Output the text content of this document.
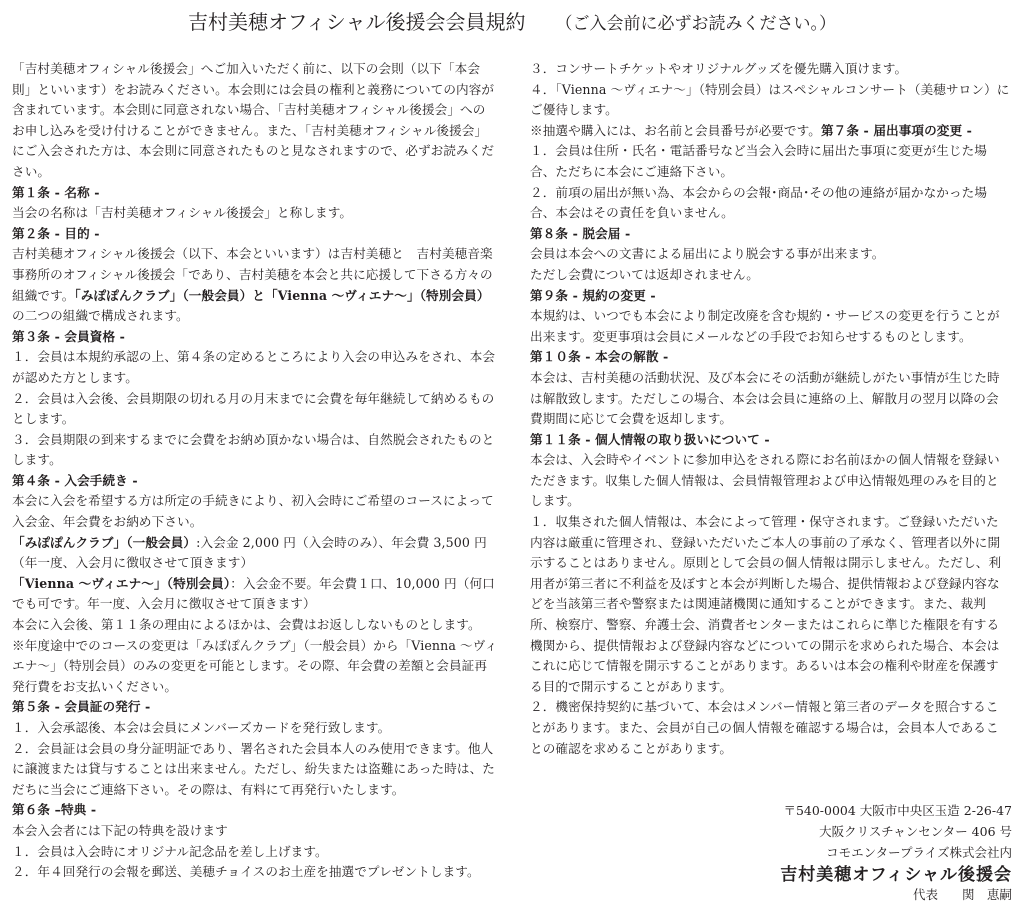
吉村美穂オフィシャル後援会会員規約 （ご入会前に必ずお読みください。）

「吉村美穂オフィシャル後援会」へご加入いただく前に、以下の会則（以下「本会則」といいます）をお読みください。本会則には会員の権利と義務についての内容が含まれています。本会則に同意されない場合、「吉村美穂オフィシャル後援会」へのお申し込みを受け付けることができません。また、「吉村美穂オフィシャル後援会」にご入会された方は、本会則に同意されたものと見なされますので、必ずお読みください。

第１条 - 名称 -

当会の名称は「吉村美穂オフィシャル後援会」と称します。

第２条 - 目的 -

吉村美穂オフィシャル後援会（以下、本会といいます）は吉村美穂と　吉村美穂音楽事務所のオフィシャル後援会「であり、吉村美穂を本会と共に応援して下さる方々の組織です。「みぽぽんクラブ」（一般会員）と「Vienna ～ヴィエナ～」（特別会員）の二つの組織で構成されます。

第３条 - 会員資格 -

１．会員は本規約承認の上、第４条の定めるところにより入会の申込みをされ、本会が認めた方とします。

２．会員は入会後、会員期限の切れる月の月末までに会費を毎年継続して納めるものとします。

３．会員期限の到来するまでに会費をお納め頂かない場合は、自然脱会されたものとします。

第４条 - 入会手続き -

本会に入会を希望する方は所定の手続きにより、初入会時にご希望のコースによって入会金、年会費をお納め下さい。

「みぽぽんクラブ」（一般会員）:入会金 2,000 円（入会時のみ）、年会費 3,500 円（年一度、入会月に徴収させて頂きます）

「Vienna ～ヴィエナ～」（特別会員）：入会金不要。年会費１口、10,000 円（何口でも可です。年一度、入会月に徴収させて頂きます）

本会に入会後、第１１条の理由によるほかは、会費はお返ししないものとします。

※年度途中でのコースの変更は「みぽぽんクラブ」（一般会員）から「Vienna ～ヴィエナ～」（特別会員）のみの変更を可能とします。その際、年会費の差額と会員証再発行費をお支払いください。

第５条 - 会員証の発行 -

１．入会承認後、本会は会員にメンバーズカードを発行致します。

２．会員証は会員の身分証明証であり、署名された会員本人のみ使用できます。他人に譲渡または貸与することは出来ません。ただし、紛失または盗難にあった時は、ただちに当会にご連絡下さい。その際は、有料にて再発行いたします。

第６条 –特典 -

本会入会者には下記の特典を設けます

１．会員は入会時にオリジナル記念品を差し上げます。

２．年４回発行の会報を郵送、美穂チョイスのお土産を抽選でプレゼントします。

３．コンサートチケットやオリジナルグッズを優先購入頂けます。

４．「Vienna ～ヴィエナ～」（特別会員）はスペシャルコンサート（美穂サロン）にご優待します。

※抽選や購入には、お名前と会員番号が必要です。第７条 - 届出事項の変更 -

１．会員は住所・氏名・電話番号など当会入会時に届出た事項に変更が生じた場合、ただちに本会にご連絡下さい。

２．前項の届出が無い為、本会からの会報･商品･その他の連絡が届かなかった場合、本会はその責任を負いません。

第８条 - 脱会届 -

会員は本会への文書による届出により脱会する事が出来ます。

ただし会費については返却されません。

第９条 - 規約の変更 -

本規約は、いつでも本会により制定改廃を含む規約・サービスの変更を行うことが出来ます。変更事項は会員にメールなどの手段でお知らせするものとします。

第１０条 - 本会の解散 -

本会は、吉村美穂の活動状況、及び本会にその活動が継続しがたい事情が生じた時は解散致します。ただしこの場合、本会は会員に連絡の上、解散月の翌月以降の会費期間に応じて会費を返却します。

第１１条 - 個人情報の取り扱いについて -

本会は、入会時やイベントに参加申込をされる際にお名前ほかの個人情報を登録いただきます。収集した個人情報は、会員情報管理および申込情報処理のみを目的とします。

１．収集された個人情報は、本会によって管理・保守されます。ご登録いただいた内容は厳重に管理され、登録いただいたご本人の事前の了承なく、管理者以外に開示することはありません。原則として会員の個人情報は開示しません。ただし、利用者が第三者に不利益を及ぼすと本会が判断した場合、提供情報および登録内容などを当該第三者や警察または関連諸機関に通知することができます。また、裁判所、検察庁、警察、弁護士会、消費者センターまたはこれらに準じた権限を有する機関から、提供情報および登録内容などについての開示を求められた場合、本会はこれに応じて情報を開示することがあります。あるいは本会の権利や財産を保護する目的で開示することがあります。

２．機密保持契約に基づいて、本会はメンバー情報と第三者のデータを照合することがあります。また、会員が自己の個人情報を確認する場合は，会員本人であることの確認を求めることがあります。

〒540-0004 大阪市中央区玉造 2-26-47

大阪クリスチャンセンター 406 号

コモエンタープライズ株式会社内

吉村美穂オフィシャル後援会

代表 関　恵嗣
